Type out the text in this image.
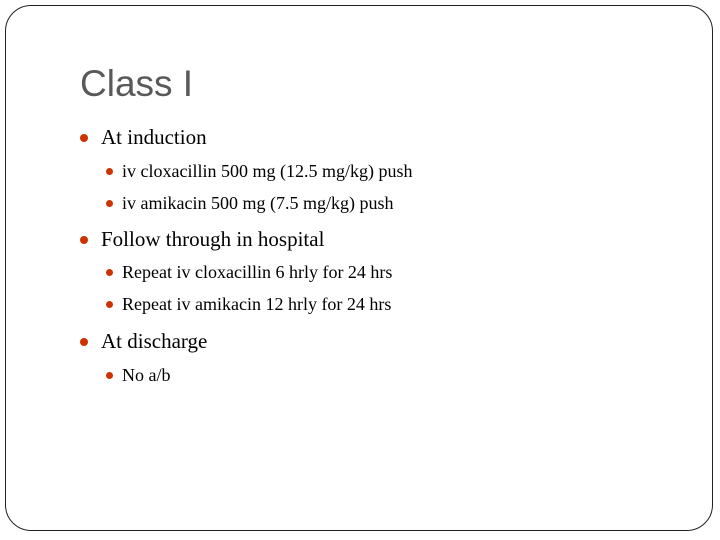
Class I
At induction
iv cloxacillin 500 mg (12.5 mg/kg) push
iv amikacin 500 mg (7.5 mg/kg) push
Follow through in hospital
Repeat iv cloxacillin 6 hrly for 24 hrs
Repeat iv amikacin 12 hrly for 24 hrs
At discharge
No a/b
